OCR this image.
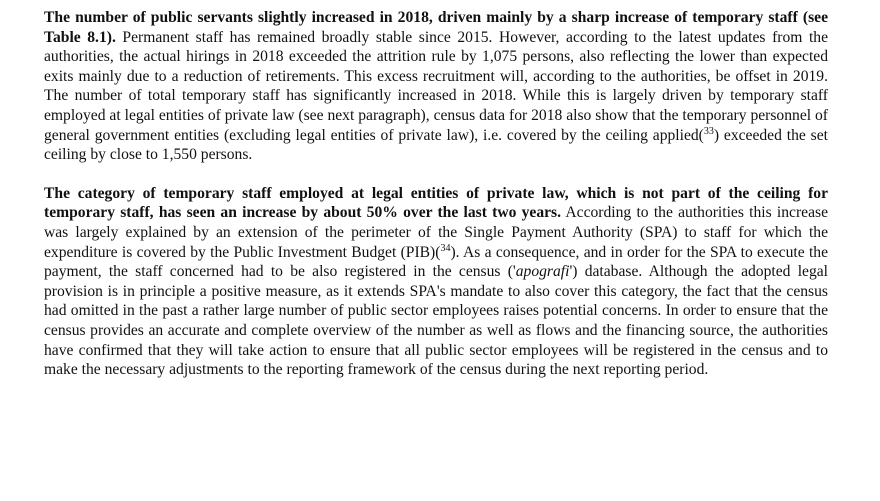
The number of public servants slightly increased in 2018, driven mainly by a sharp increase of temporary staff (see Table 8.1). Permanent staff has remained broadly stable since 2015. However, according to the latest updates from the authorities, the actual hirings in 2018 exceeded the attrition rule by 1,075 persons, also reflecting the lower than expected exits mainly due to a reduction of retirements. This excess recruitment will, according to the authorities, be offset in 2019. The number of total temporary staff has significantly increased in 2018. While this is largely driven by temporary staff employed at legal entities of private law (see next paragraph), census data for 2018 also show that the temporary personnel of general government entities (excluding legal entities of private law), i.e. covered by the ceiling applied($^{33}$) exceeded the set ceiling by close to 1,550 persons.

The category of temporary staff employed at legal entities of private law, which is not part of the ceiling for temporary staff, has seen an increase by about 50% over the last two years. According to the authorities this increase was largely explained by an extension of the perimeter of the Single Payment Authority (SPA) to staff for which the expenditure is covered by the Public Investment Budget (PIB)($^{34}$). As a consequence, and in order for the SPA to execute the payment, the staff concerned had to be also registered in the census ('apografi') database. Although the adopted legal provision is in principle a positive measure, as it extends SPA's mandate to also cover this category, the fact that the census had omitted in the past a rather large number of public sector employees raises potential concerns. In order to ensure that the census provides an accurate and complete overview of the number as well as flows and the financing source, the authorities have confirmed that they will take action to ensure that all public sector employees will be registered in the census and to make the necessary adjustments to the reporting framework of the census during the next reporting period.
